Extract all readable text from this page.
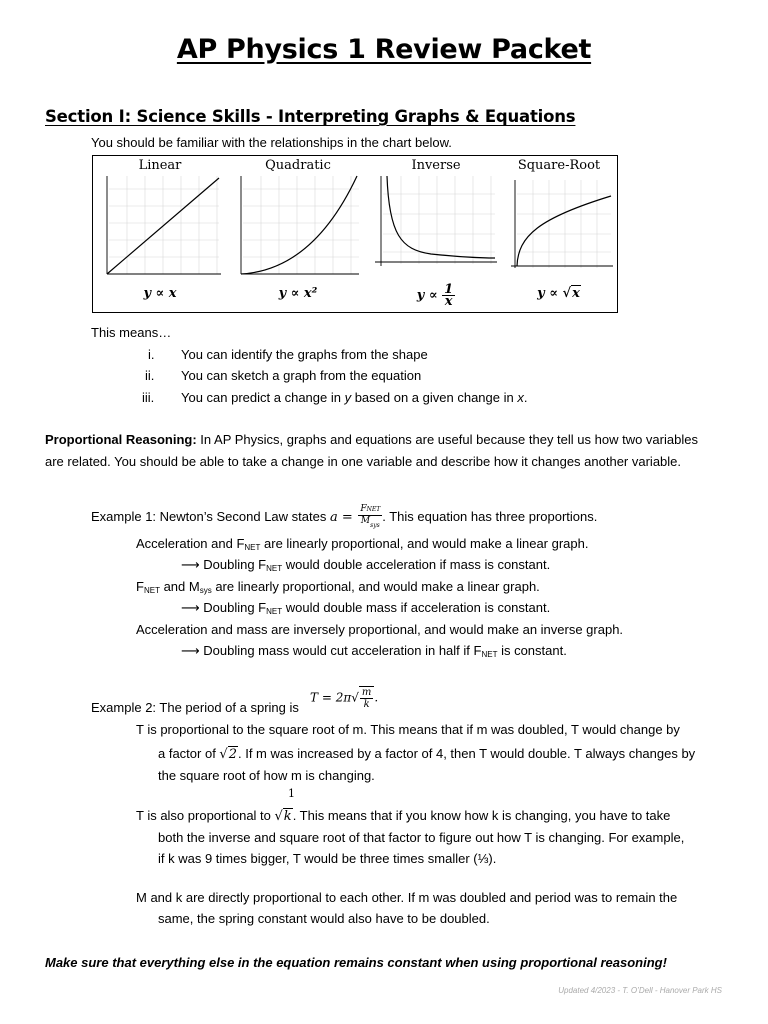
AP Physics 1 Review Packet
Section I: Science Skills - Interpreting Graphs & Equations
You should be familiar with the relationships in the chart below.
Linear
y ∝ x
Quadratic
y ∝ x²
Inverse
$y \propto \frac{1}{x}$
Square-Root
y ∝ √x
This means…
i. You can identify the graphs from the shape
ii. You can sketch a graph from the equation
iii. You can predict a change in y based on a given change in x.
Proportional Reasoning: In AP Physics, graphs and equations are useful because they tell us how two variables
are related. You should be able to take a change in one variable and describe how it changes another variable.
Example 1: Newton’s Second Law states $a = \frac{\text{FNET}}{M_{sys}}$ . This equation has three proportions.
Acceleration and $F_{NET}$ are linearly proportional, and would make a linear graph.
⟶ Doubling $F_{NET}$ would double acceleration if mass is constant.
$F_{NET}$ and $M_{sys}$ are linearly proportional, and would make a linear graph.
⟶ Doubling $F_{NET}$ would double mass if acceleration is constant.
Acceleration and mass are inversely proportional, and would make an inverse graph.
⟶ Doubling mass would cut acceleration in half if $F_{NET}$ is constant.
Example 2: The period of a spring is
$T = 2\pi√ \frac{m}{k}$ .
T is proportional to the square root of m. This means that if m was doubled, T would change by
a factor of √2. If m was increased by a factor of 4, then T would double. T always changes by
the square root of how m is changing.
1
T is also proportional to √k. This means that if you know how k is changing, you have to take
both the inverse and square root of that factor to figure out how T is changing. For example,
if k was 9 times bigger, T would be three times smaller (⅓).
M and k are directly proportional to each other. If m was doubled and period was to remain the
same, the spring constant would also have to be doubled.
Make sure that everything else in the equation remains constant when using proportional reasoning!
Updated 4/2023 - T. O’Dell - Hanover Park HS
